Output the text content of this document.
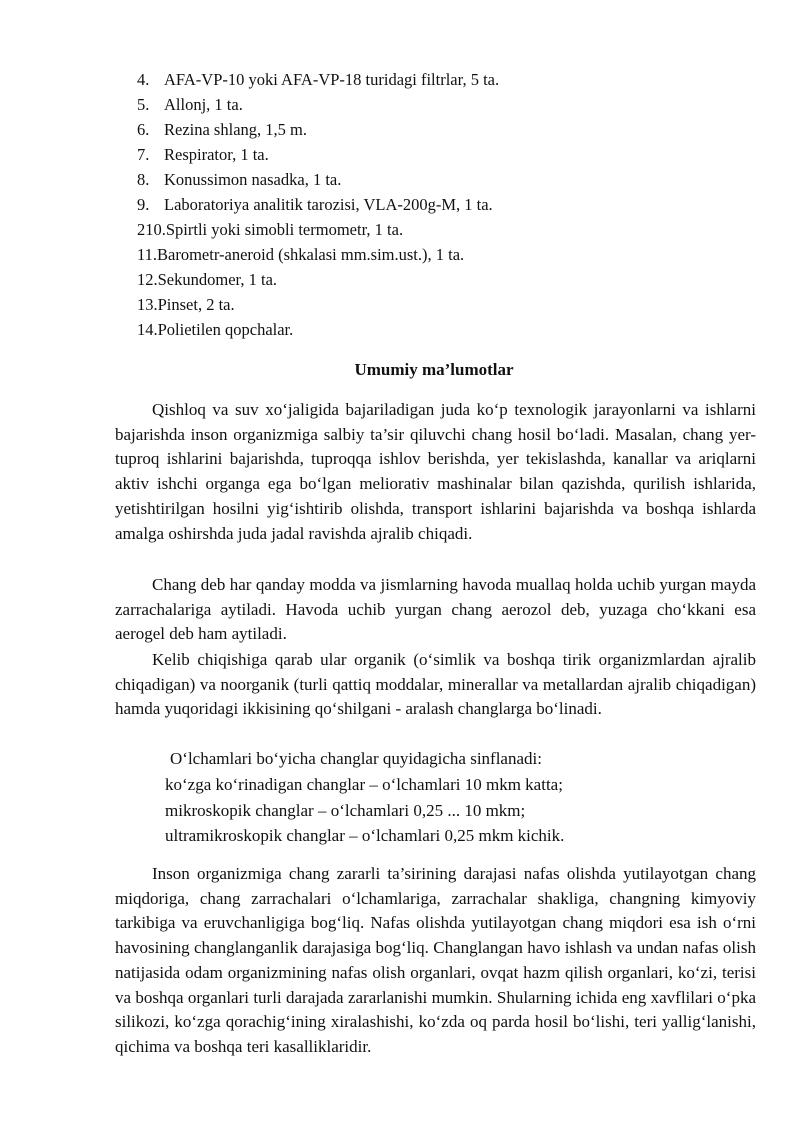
4. AFA-VP-10 yoki AFA-VP-18 turidagi filtrlar, 5 ta.
5. Allonj, 1 ta.
6. Rezina shlang, 1,5 m.
7. Respirator, 1 ta.
8. Konussimon nasadka, 1 ta.
9. Laboratoriya analitik tarozisi, VLA-200g-M, 1 ta.
210.Spirtli yoki simobli termometr, 1 ta.
11.Barometr-aneroid (shkalasi mm.sim.ust.), 1 ta.
12.Sekundomer, 1 ta.
13.Pinset, 2 ta.
14.Polietilen qopchalar.
Umumiy ma’lumotlar

Qishloq va suv xo‘jaligida bajariladigan juda ko‘p texnologik jarayonlarni va ishlarni bajarishda inson organizmiga salbiy ta’sir qiluvchi chang hosil bo‘ladi. Masalan, chang yer-tuproq ishlarini bajarishda, tuproqqa ishlov berishda, yer tekislashda, kanallar va ariqlarni aktiv ishchi organga ega bo‘lgan meliorativ mashinalar bilan qazishda, qurilish ishlarida, yetishtirilgan hosilni yig‘ishtirib olishda, transport ishlarini bajarishda va boshqa ishlarda amalga oshirshda juda jadal ravishda ajralib chiqadi.

Chang deb har qanday modda va jismlarning havoda muallaq holda uchib yurgan mayda zarrachalariga aytiladi. Havoda uchib yurgan chang aerozol deb, yuzaga cho‘kkani esa aerogel deb ham aytiladi.

Kelib chiqishiga qarab ular organik (o‘simlik va boshqa tirik organizmlardan ajralib chiqadigan) va noorganik (turli qattiq moddalar, minerallar va metallardan ajralib chiqadigan) hamda yuqoridagi ikkisining qo‘shilgani - aralash changlarga bo‘linadi.

O‘lchamlari bo‘yicha changlar quyidagicha sinflanadi:
ko‘zga ko‘rinadigan changlar – o‘lchamlari 10 mkm katta;
mikroskopik changlar – o‘lchamlari 0,25 ... 10 mkm;
ultramikroskopik changlar – o‘lchamlari 0,25 mkm kichik.

Inson organizmiga chang zararli ta’sirining darajasi nafas olishda yutilayotgan chang miqdoriga, chang zarrachalari o‘lchamlariga, zarrachalar shakliga, changning kimyoviy tarkibiga va eruvchanligiga bog‘liq. Nafas olishda yutilayotgan chang miqdori esa ish o‘rni havosining changlanganlik darajasiga bog‘liq. Changlangan havo ishlash va undan nafas olish natijasida odam organizmining nafas olish organlari, ovqat hazm qilish organlari, ko‘zi, terisi va boshqa organlari turli darajada zararlanishi mumkin. Shularning ichida eng xavflilari o‘pka silikozi, ko‘zga qorachig‘ining xiralashishi, ko‘zda oq parda hosil bo‘lishi, teri yallig‘lanishi, qichima va boshqa teri kasalliklaridir.
